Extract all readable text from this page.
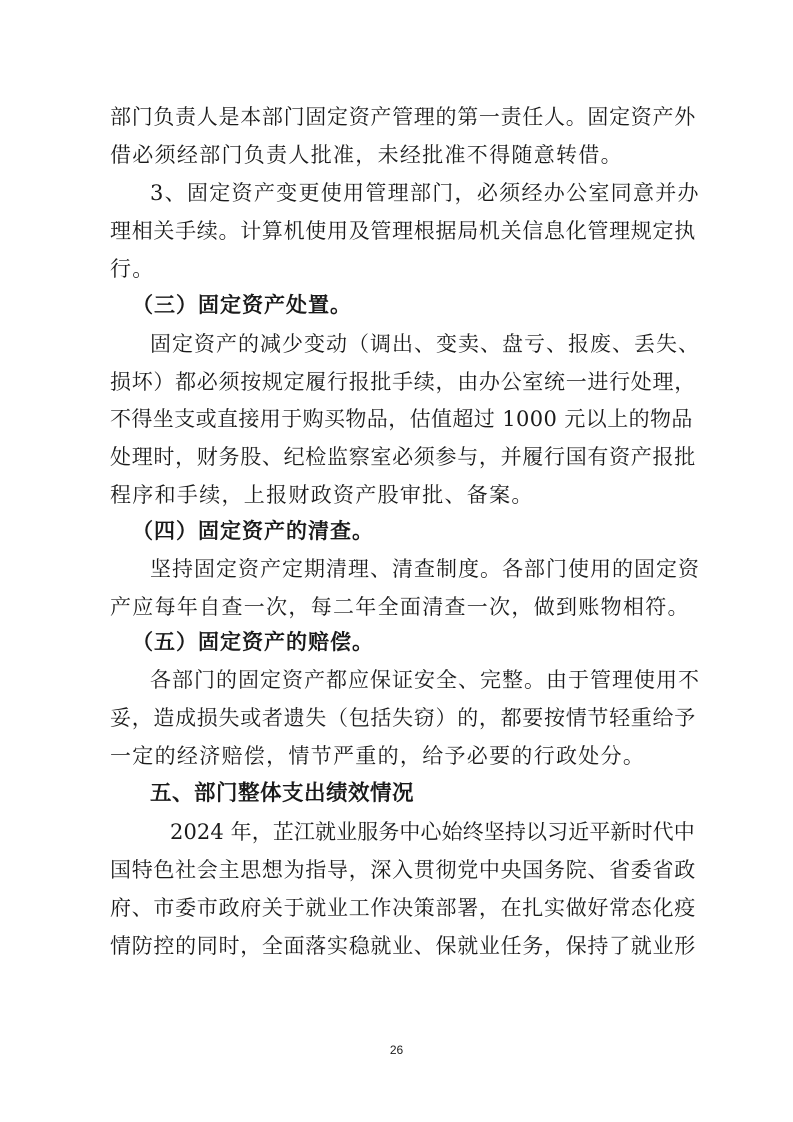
部门负责人是本部门固定资产管理的第一责任人。固定资产外
借必须经部门负责人批准，未经批准不得随意转借。
3、固定资产变更使用管理部门，必须经办公室同意并办
理相关手续。计算机使用及管理根据局机关信息化管理规定执
行。
（三）固定资产处置。
固定资产的减少变动（调出、变卖、盘亏、报废、丢失、
损坏）都必须按规定履行报批手续，由办公室统一进行处理，
不得坐支或直接用于购买物品，估值超过 1000 元以上的物品
处理时，财务股、纪检监察室必须参与，并履行国有资产报批
程序和手续，上报财政资产股审批、备案。
（四）固定资产的清查。
坚持固定资产定期清理、清查制度。各部门使用的固定资
产应每年自查一次，每二年全面清查一次，做到账物相符。
（五）固定资产的赔偿。
各部门的固定资产都应保证安全、完整。由于管理使用不
妥，造成损失或者遗失（包括失窃）的，都要按情节轻重给予
一定的经济赔偿，情节严重的，给予必要的行政处分。
五、部门整体支出绩效情况
2024 年，芷江就业服务中心始终坚持以习近平新时代中
国特色社会主思想为指导，深入贯彻党中央国务院、省委省政
府、市委市政府关于就业工作决策部署，在扎实做好常态化疫
情防控的同时，全面落实稳就业、保就业任务，保持了就业形
26
